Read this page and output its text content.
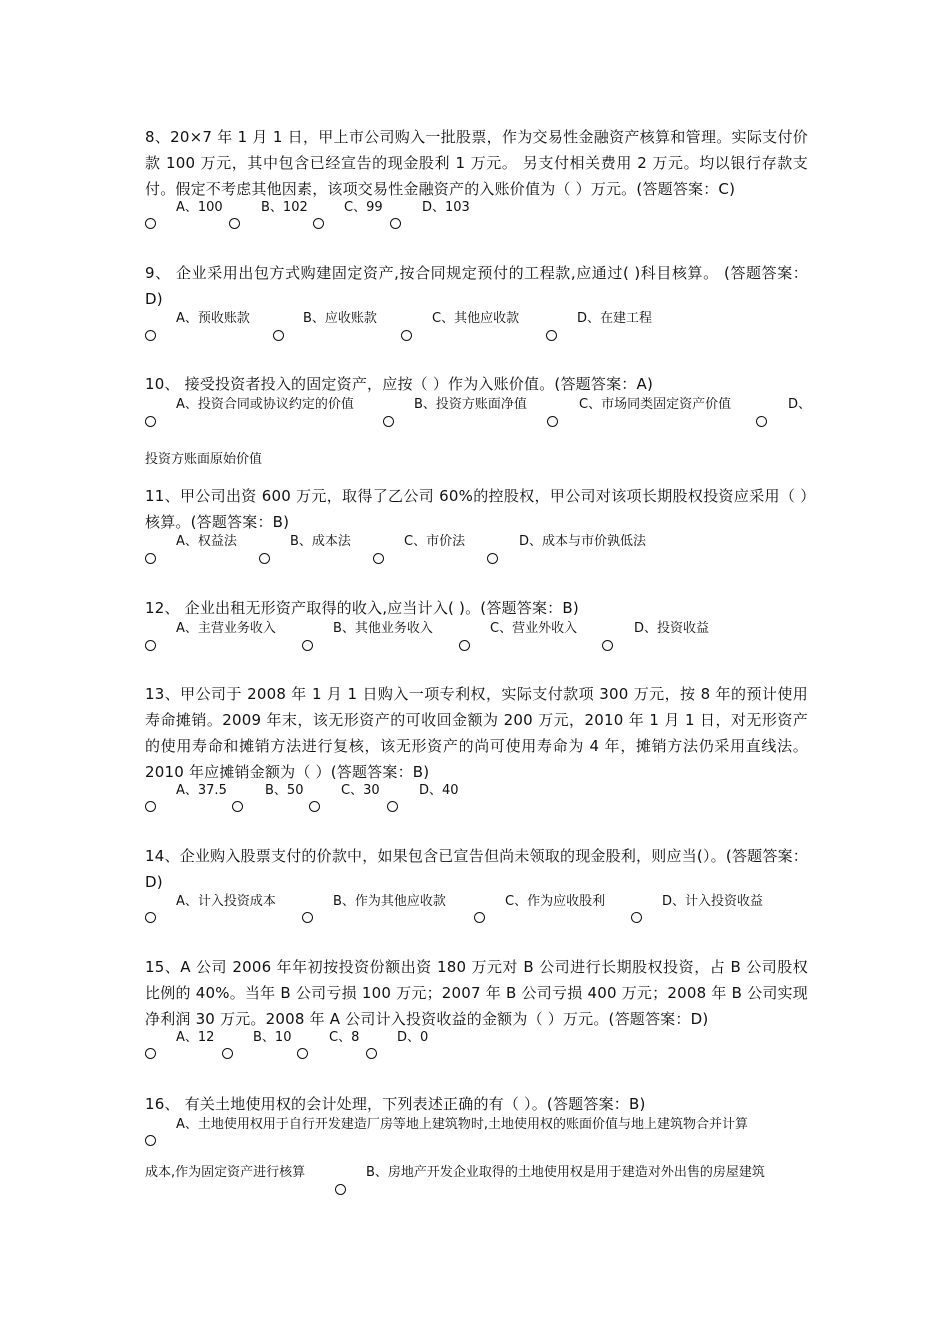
8、20×7 年 1 月 1 日，甲上市公司购入一批股票，作为交易性金融资产核算和管理。实际支付价款 100 万元，其中包含已经宣告的现金股利 1 万元。 另支付相关费用 2 万元。均以银行存款支付。假定不考虑其他因素，该项交易性金融资产的入账价值为（ ）万元。(答题答案：C)
A、100	B、102	C、99	D、103
9、 企业采用出包方式购建固定资产,按合同规定预付的工程款,应通过( )科目核算。 (答题答案：D)
A、预收账款	B、应收账款	C、其他应收款	D、在建工程
10、 接受投资者投入的固定资产，应按（ ）作为入账价值。(答题答案：A)
A、投资合同或协议约定的价值	B、投资方账面净值	C、市场同类固定资产价值	D、
投资方账面原始价值
11、甲公司出资 600 万元，取得了乙公司 60%的控股权，甲公司对该项长期股权投资应采用（ ）核算。(答题答案：B)
A、权益法	B、成本法	C、市价法	D、成本与市价孰低法
12、 企业出租无形资产取得的收入,应当计入( )。(答题答案：B)
A、主营业务收入	B、其他业务收入	C、营业外收入	D、投资收益
13、甲公司于 2008 年 1 月 1 日购入一项专利权，实际支付款项 300 万元，按 8 年的预计使用寿命摊销。2009 年末，该无形资产的可收回金额为 200 万元，2010 年 1 月 1 日，对无形资产的使用寿命和摊销方法进行复核，该无形资产的尚可使用寿命为 4 年，摊销方法仍采用直线法。2010 年应摊销金额为（ ）(答题答案：B)
A、37.5	B、50	C、30	D、40
14、企业购入股票支付的价款中，如果包含已宣告但尚未领取的现金股利，则应当(）。(答题答案：D)
A、计入投资成本	B、作为其他应收款	C、作为应收股利	D、计入投资收益
15、A 公司 2006 年年初按投资份额出资 180 万元对 B 公司进行长期股权投资，占 B 公司股权比例的 40%。当年 B 公司亏损 100 万元；2007 年 B 公司亏损 400 万元；2008 年 B 公司实现净利润 30 万元。2008 年 A 公司计入投资收益的金额为（ ）万元。(答题答案：D)
A、12	B、10	C、8	D、0
16、 有关土地使用权的会计处理，下列表述正确的有（ ）。(答题答案：B)
A、土地使用权用于自行开发建造厂房等地上建筑物时,土地使用权的账面价值与地上建筑物合并计算
成本,作为固定资产进行核算	B、房地产开发企业取得的土地使用权是用于建造对外出售的房屋建筑
